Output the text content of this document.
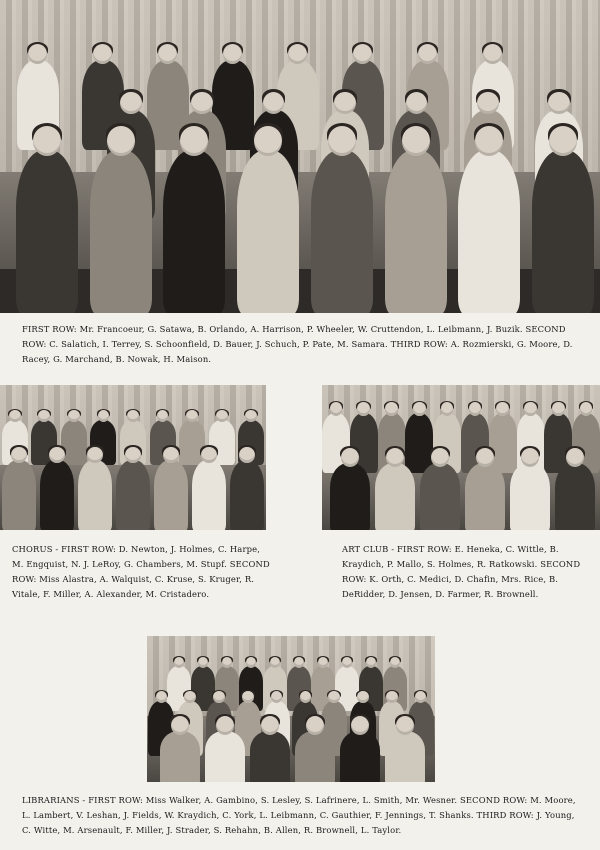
FIRST ROW: Mr. Francoeur, G. Satawa, B. Orlando, A. Harrison, P. Wheeler, W. Cruttendon, L. Leibmann, J. Buzik. SECOND ROW: C. Salatich, I. Terrey, S. Schoonfield, D. Bauer, J. Schuch, P. Pate, M. Samara. THIRD ROW: A. Rozmierski, G. Moore, D. Racey, G. Marchand, B. Nowak, H. Maison.

CHORUS - FIRST ROW: D. Newton, J. Holmes, C. Harpe, M. Engquist, N. J. LeRoy, G. Chambers, M. Stupf. SECOND ROW: Miss Alastra, A. Walquist, C. Kruse, S. Kruger, R. Vitale, F. Miller, A. Alexander, M. Cristadero.

ART CLUB - FIRST ROW: E. Heneka, C. Wittle, B. Kraydich, P. Mallo, S. Holmes, R. Ratkowski. SECOND ROW: K. Orth, C. Medici, D. Chafin, Mrs. Rice, B. DeRidder, D. Jensen, D. Farmer, R. Brownell.

LIBRARIANS - FIRST ROW: Miss Walker, A. Gambino, S. Lesley, S. Lafrinere, L. Smith, Mr. Wesner. SECOND ROW: M. Moore, L. Lambert, V. Leshan, J. Fields, W. Kraydich, C. York, L. Leibmann, C. Gauthier, F. Jennings, T. Shanks. THIRD ROW: J. Young, C. Witte, M. Arsenault, F. Miller, J. Strader, S. Rehahn, B. Allen, R. Brownell, L. Taylor.
